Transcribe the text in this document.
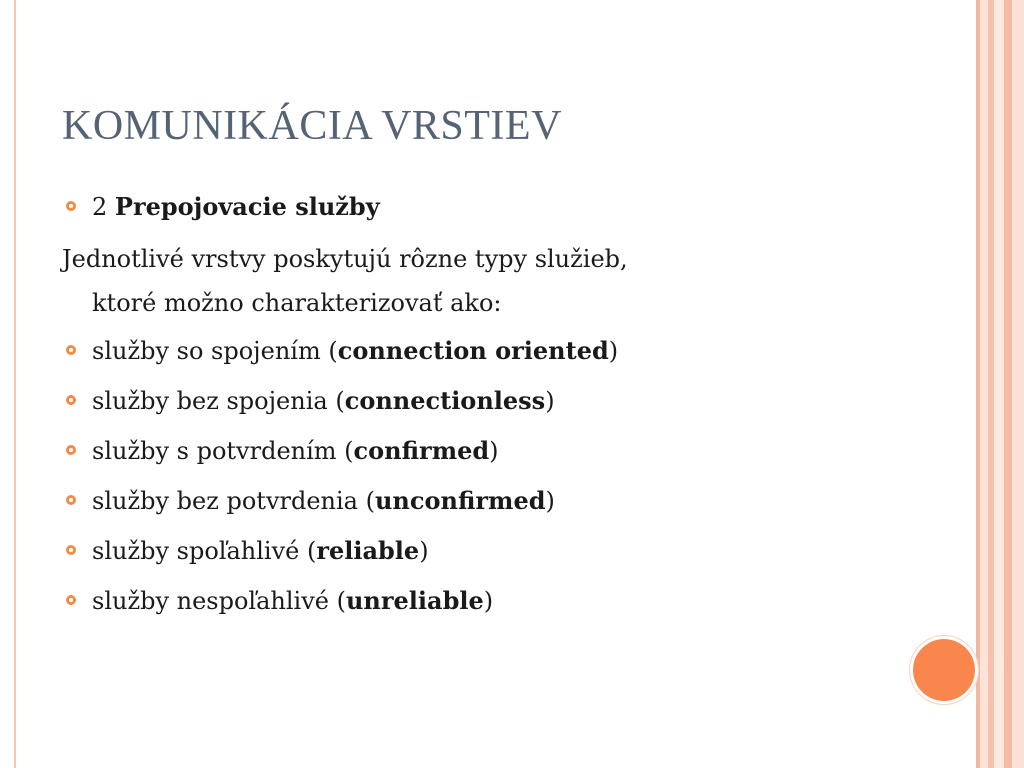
KOMUNIKÁCIA VRSTIEV
2 Prepojovacie služby
Jednotlivé vrstvy poskytujú rôzne typy služieb,
ktoré možno charakterizovať ako:
služby so spojením (connection oriented)
služby bez spojenia (connectionless)
služby s potvrdením (confirmed)
služby bez potvrdenia (unconfirmed)
služby spoľahlivé (reliable)
služby nespoľahlivé (unreliable)
